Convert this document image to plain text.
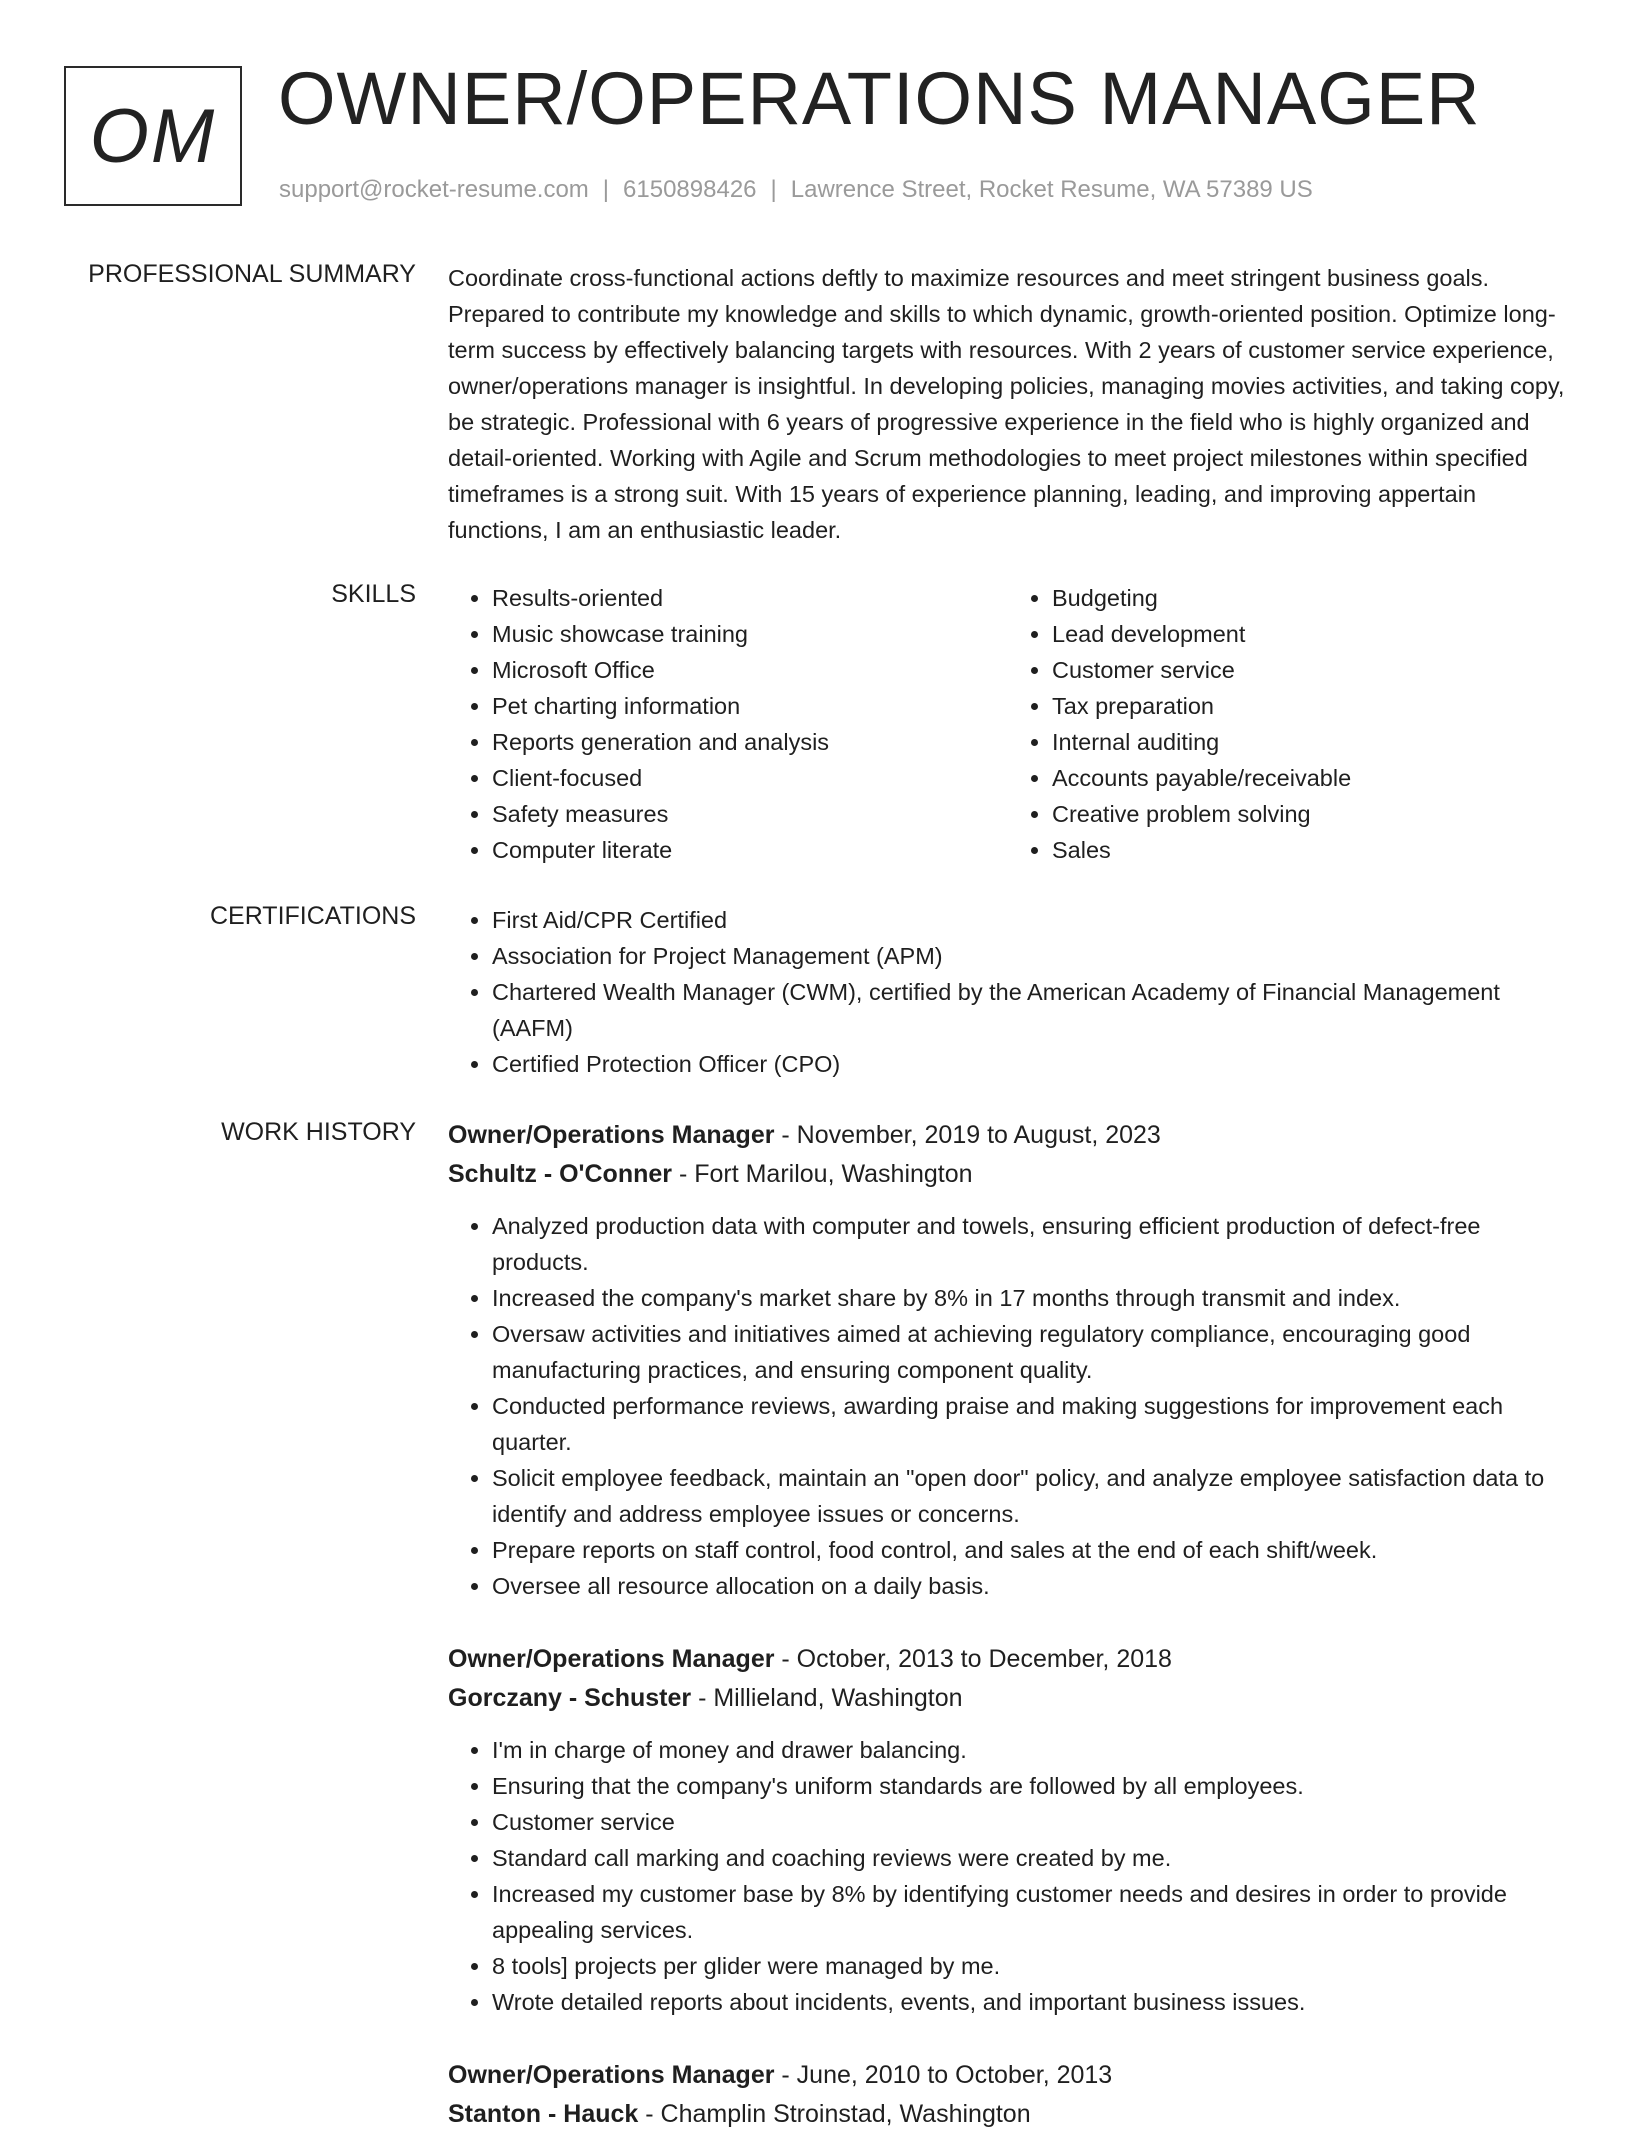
OM OWNER/OPERATIONS MANAGER
support@rocket-resume.com | 6150898426 | Lawrence Street, Rocket Resume, WA 57389 US
PROFESSIONAL SUMMARY Coordinate cross-functional actions deftly to maximize resources and meet stringent business goals. Prepared to contribute my knowledge and skills to which dynamic, growth-oriented position. Optimize long-term success by effectively balancing targets with resources. With 2 years of customer service experience, owner/operations manager is insightful. In developing policies, managing movies activities, and taking copy, be strategic. Professional with 6 years of progressive experience in the field who is highly organized and detail-oriented. Working with Agile and Scrum methodologies to meet project milestones within specified timeframes is a strong suit. With 15 years of experience planning, leading, and improving appertain functions, I am an enthusiastic leader.

SKILLS	• Results-oriented
• Music showcase training
• Microsoft Office
• Pet charting information
• Reports generation and analysis
• Client-focused
• Safety measures
• Computer literate
• Budgeting
• Lead development
• Customer service
• Tax preparation
• Internal auditing
• Accounts payable/receivable
• Creative problem solving
• Sales
CERTIFICATIONS	• First Aid/CPR Certified
• Association for Project Management (APM)
• Chartered Wealth Manager (CWM), certified by the American Academy of Financial Management (AAFM)
• Certified Protection Officer (CPO)
WORK HISTORY Owner/Operations Manager - November, 2019 to August, 2023
Schultz - O'Conner - Fort Marilou, Washington
• Analyzed production data with computer and towels, ensuring efficient production of defect-free products.
• Increased the company's market share by 8% in 17 months through transmit and index.
• Oversaw activities and initiatives aimed at achieving regulatory compliance, encouraging good manufacturing practices, and ensuring component quality.
• Conducted performance reviews, awarding praise and making suggestions for improvement each quarter.
• Solicit employee feedback, maintain an "open door" policy, and analyze employee satisfaction data to identify and address employee issues or concerns.
• Prepare reports on staff control, food control, and sales at the end of each shift/week.
• Oversee all resource allocation on a daily basis.
Owner/Operations Manager - October, 2013 to December, 2018
Gorczany - Schuster - Millieland, Washington
• I'm in charge of money and drawer balancing.
• Ensuring that the company's uniform standards are followed by all employees.
• Customer service
• Standard call marking and coaching reviews were created by me.
• Increased my customer base by 8% by identifying customer needs and desires in order to provide appealing services.
• 8 tools] projects per glider were managed by me.
• Wrote detailed reports about incidents, events, and important business issues.
Owner/Operations Manager - June, 2010 to October, 2013
Stanton - Hauck - Champlin Stroinstad, Washington
